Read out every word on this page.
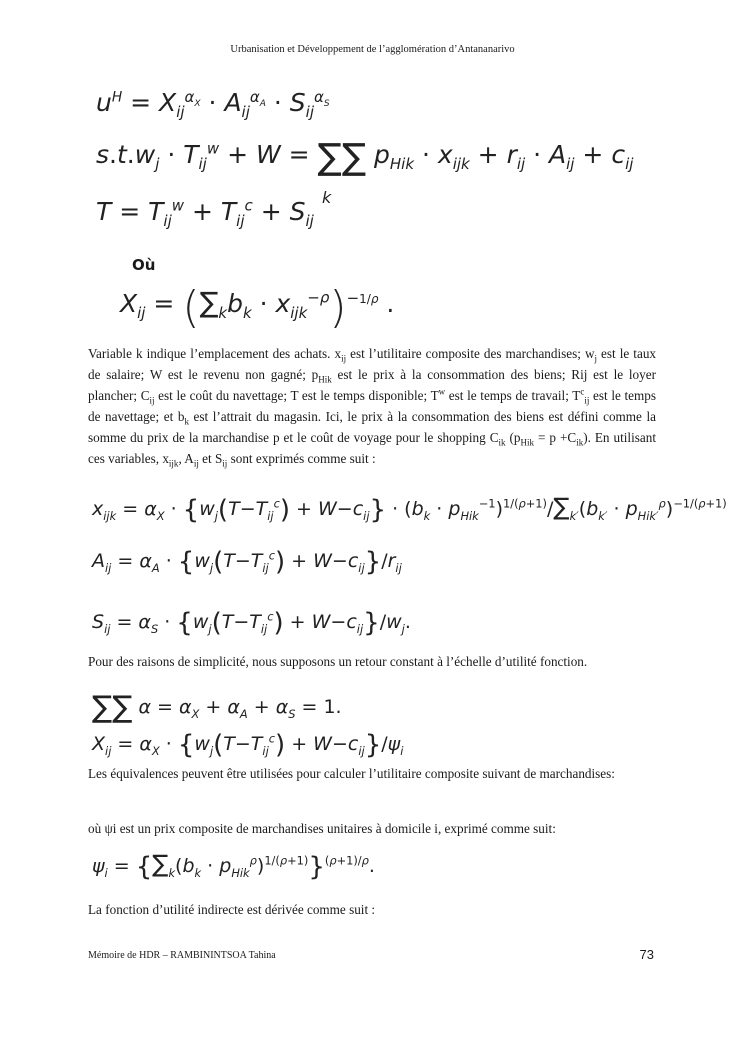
Urbanisation et Développement de l’agglomération d’Antananarivo
$u^H = X_{ij}^{\alpha_X} \cdot A_{ij}^{\alpha_A} \cdot S_{ij}^{\alpha_S}$
$s.t.w_j \cdot T_{ij}^w + W$ = ∑∑ $p_{Hik} \cdot x_{ijk} + r_{ij} \cdot A_{ij} + c_{ij}$
k
$T = T_{ij}^w + T_{ij}^c + S_{ij}$
Où
$X_{ij} = (\sum_kb_k \cdot x_{ijk}^{-\rho})^{-1/\rho}$ .
Variable k indique l’emplacement des achats. $x_{ij}$ est l’utilitaire composite des marchandises; $w_j$ est le taux de salaire; W est le revenu non gagné; $p_{Hik}$ est le prix à la consommation des biens; Rij est le loyer plancher; $C_{ij}$ est le coût du navettage; T est le temps disponible; $T^w$ est le temps de travail; $T^c_{ij}$ est le temps de navettage; et $b_k$ est l’attrait du magasin. Ici, le prix à la consommation des biens est défini comme la somme du prix de la marchandise p et le coût de voyage pour le shopping $C_{ik}$ $(p_{Hik} = p +C_{ik})$. En utilisant ces variables, $x_{ijk}$, $A_{ij}$ et $S_{ij}$ sont exprimés comme suit :
$x_{ijk} = \alpha_X \cdot \{w_j(T-T_{ij}^c) + W-c_{ij}\} \cdot (b_k \cdot p_{Hik}^{-1})^{1/(\rho+1)}/\sum_{k'}(b_{k'} \cdot p_{Hik'}^\rho)^{-1/(\rho+1)}$
$A_{ij} = \alpha_A \cdot \{w_j(T-T_{ij}^c) + W-c_{ij}\}/r_{ij}$
$S_{ij} = \alpha_S \cdot \{w_j(T-T_{ij}^c) + W-c_{ij}\}/w_j$.
Pour des raisons de simplicité, nous supposons un retour constant à l’échelle d’utilité fonction.
∑∑ $\alpha = \alpha_X + \alpha_A + \alpha_S = 1$.
$X_{ij} = \alpha_X \cdot \{w_j(T-T_{ij}^c) + W-c_{ij}\}/\psi_i$
Les équivalences peuvent être utilisées pour calculer l’utilitaire composite suivant de marchandises:
où ψi est un prix composite de marchandises unitaires à domicile i, exprimé comme suit:
$\psi_i = \{\sum_k(b_k \cdot p_{Hik}^\rho)^{1/(\rho+1)}\}^{(\rho+1)/\rho}$.
La fonction d’utilité indirecte est dérivée comme suit :
Mémoire de HDR – RAMBININTSOA Tahina	73
